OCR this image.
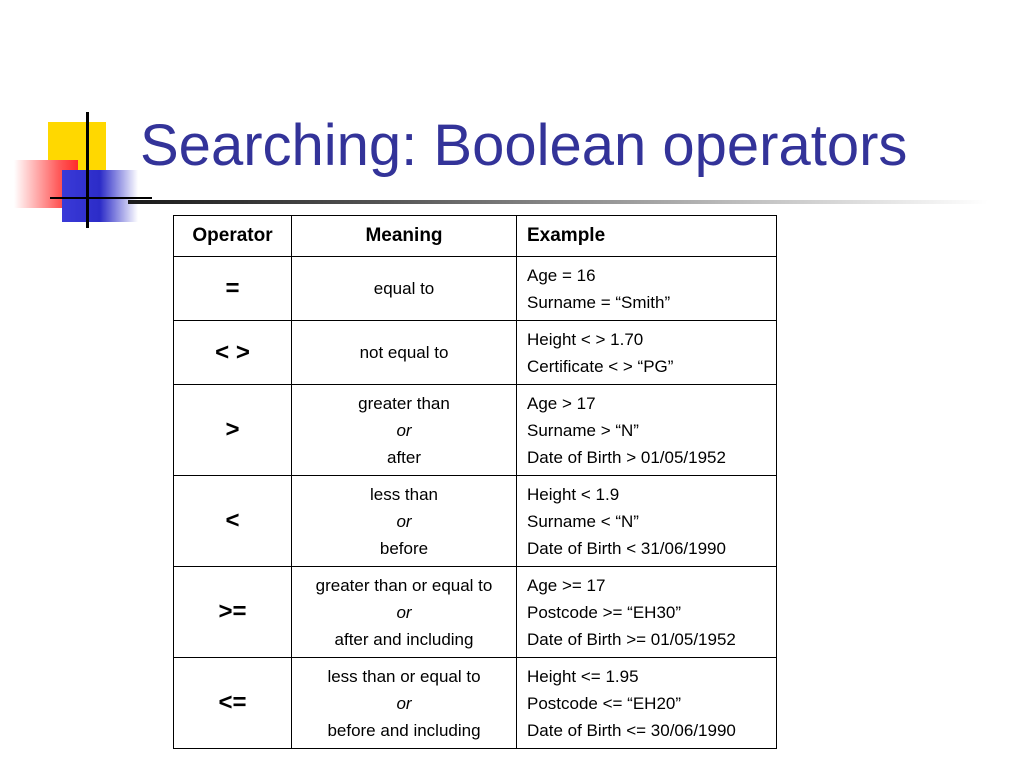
Searching: Boolean operators
Operator	Meaning	Example
=	equal to	Age = 16
Surname = “Smith”

< >	not equal to	Height < > 1.70
Certificate < > “PG”

>	greater than
or
after	Age > 17
Surname > “N”
Date of Birth > 01/05/1952

<	less than
or
before	Height < 1.9
Surname < “N”
Date of Birth < 31/06/1990

>=	greater than or equal to
or
after and including	Age >= 17
Postcode >= “EH30”
Date of Birth >= 01/05/1952

<=	less than or equal to
or
before and including	Height <= 1.95
Postcode <= “EH20”
Date of Birth <= 30/06/1990
